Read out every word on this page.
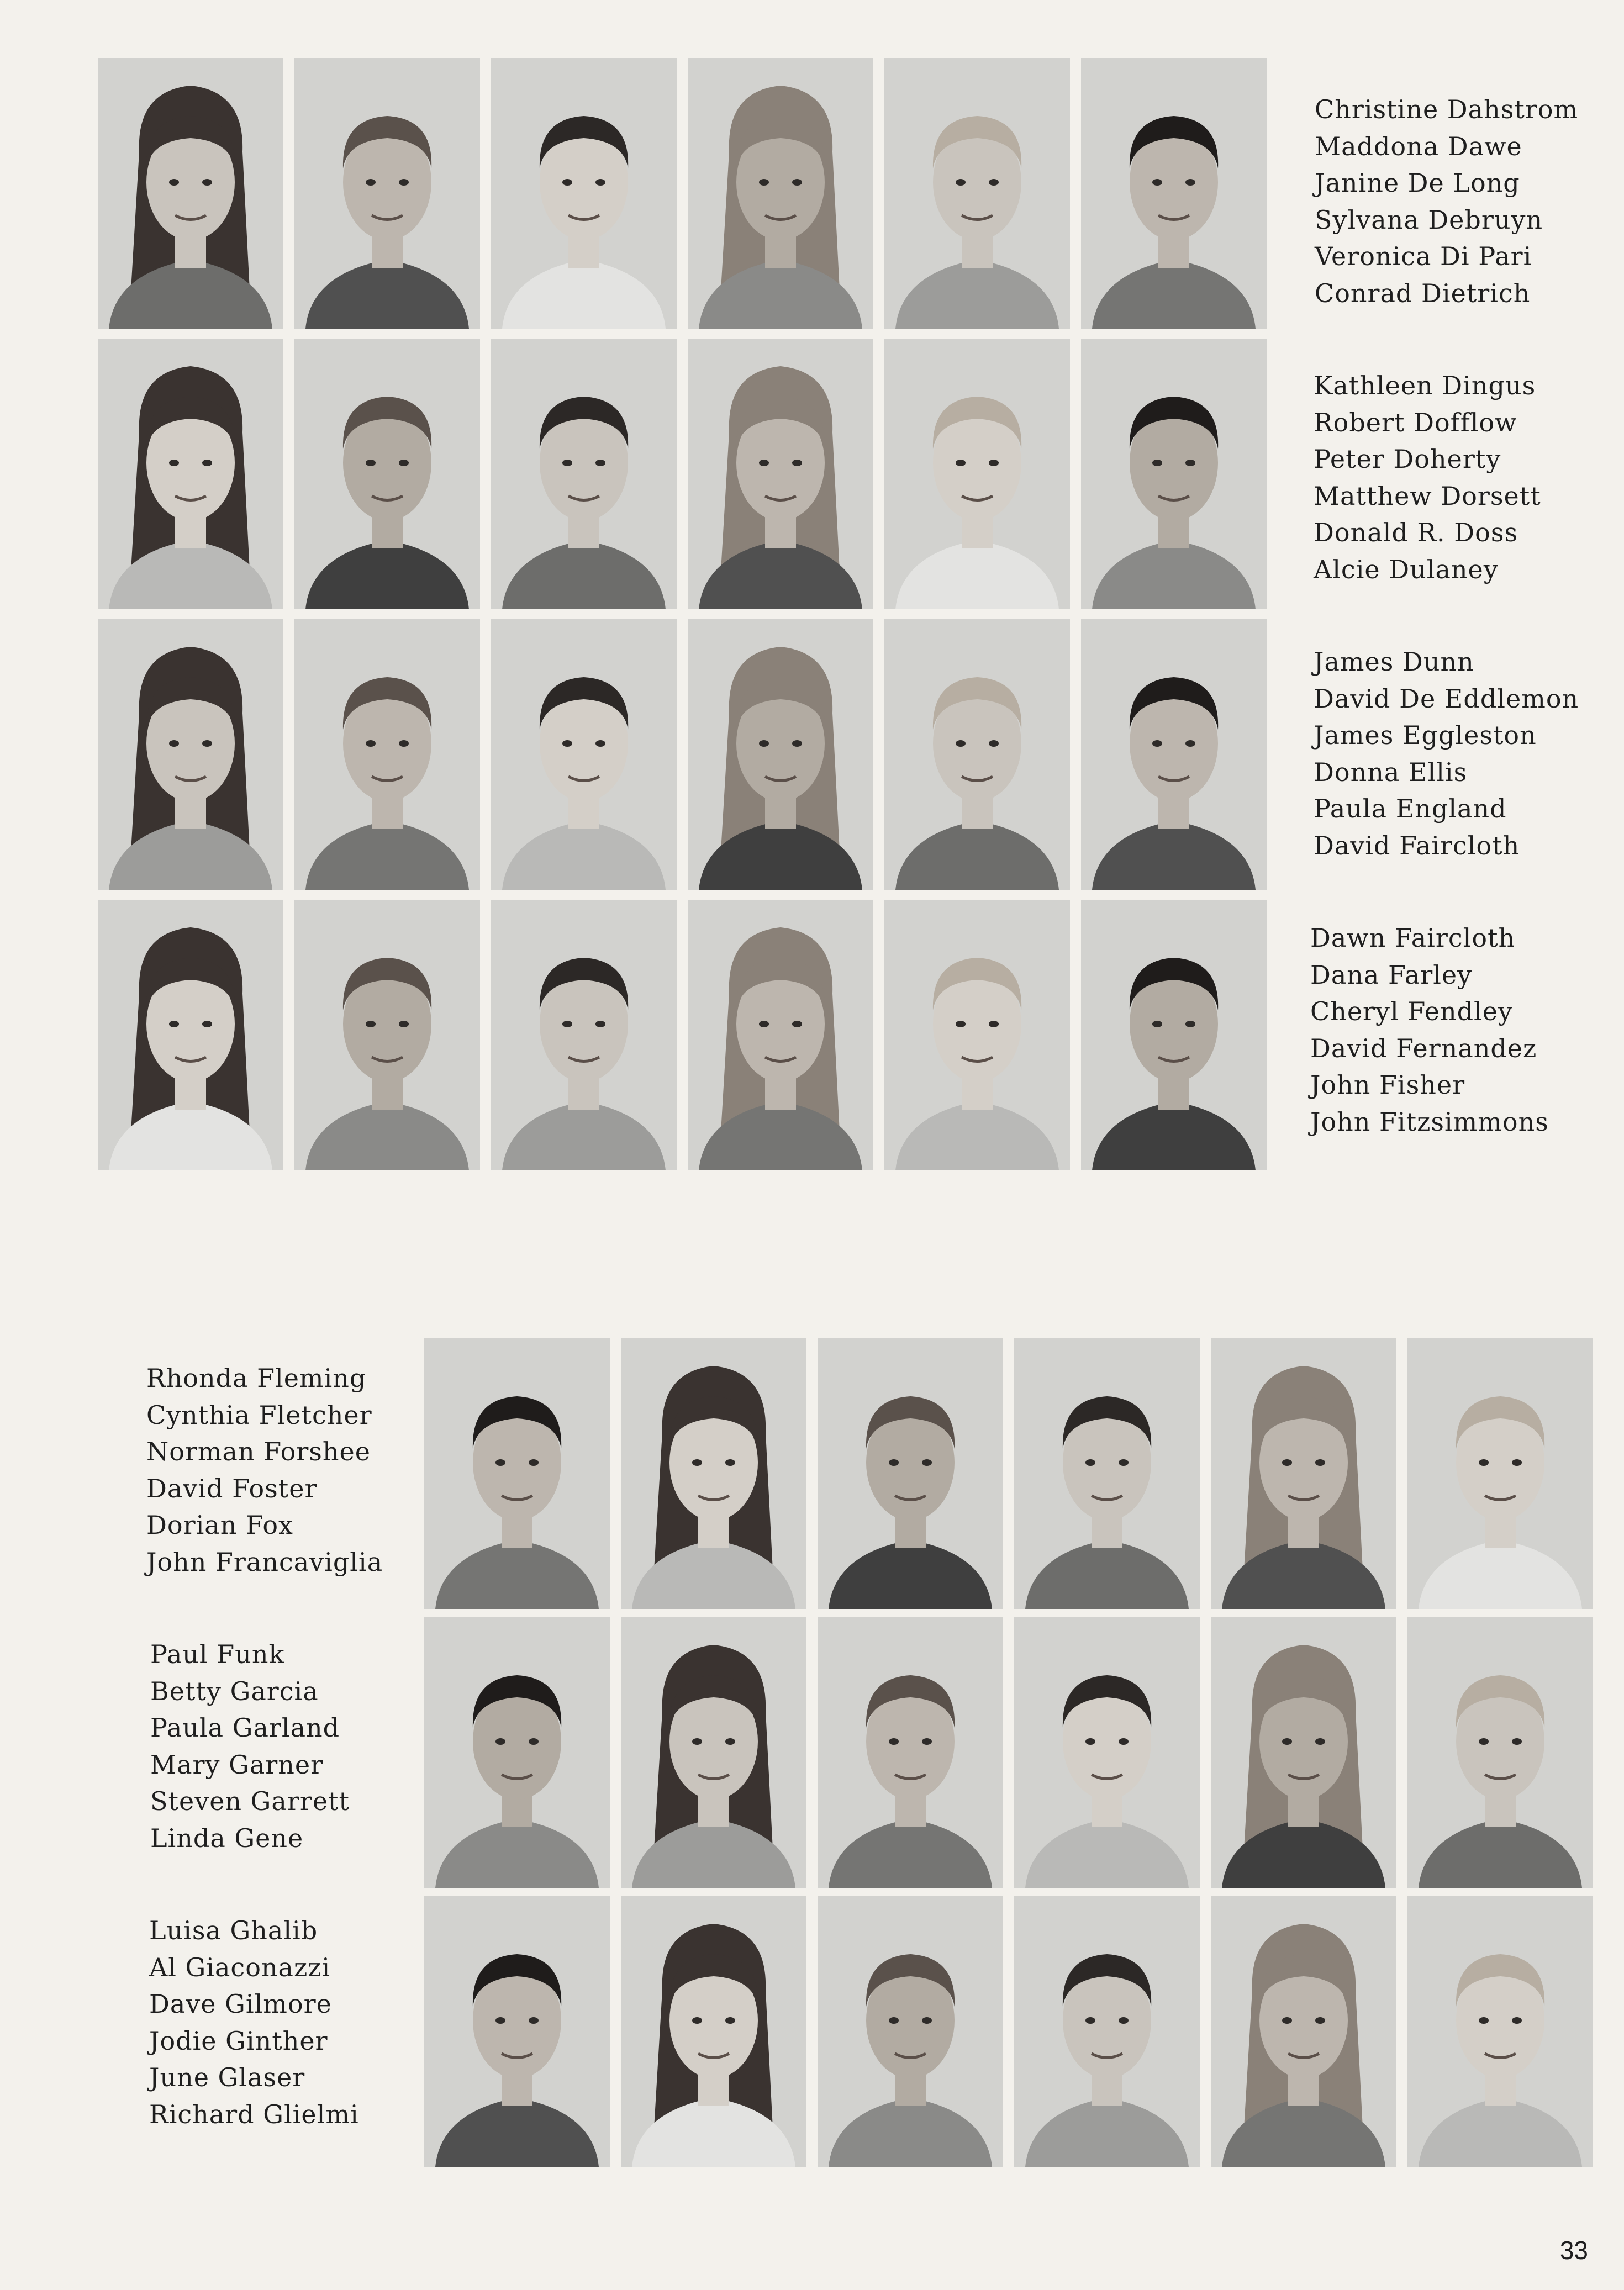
Christine Dahstrom
Maddona Dawe
Janine De Long
Sylvana Debruyn
Veronica Di Pari
Conrad Dietrich
Kathleen Dingus
Robert Dofflow
Peter Doherty
Matthew Dorsett
Donald R. Doss
Alcie Dulaney
James Dunn
David De Eddlemon
James Eggleston
Donna Ellis
Paula England
David Faircloth
Dawn Faircloth
Dana Farley
Cheryl Fendley
David Fernandez
John Fisher
John Fitzsimmons
Rhonda Fleming
Cynthia Fletcher
Norman Forshee
David Foster
Dorian Fox
John Francaviglia
Paul Funk
Betty Garcia
Paula Garland
Mary Garner
Steven Garrett
Linda Gene
Luisa Ghalib
Al Giaconazzi
Dave Gilmore
Jodie Ginther
June Glaser
Richard Glielmi
33
